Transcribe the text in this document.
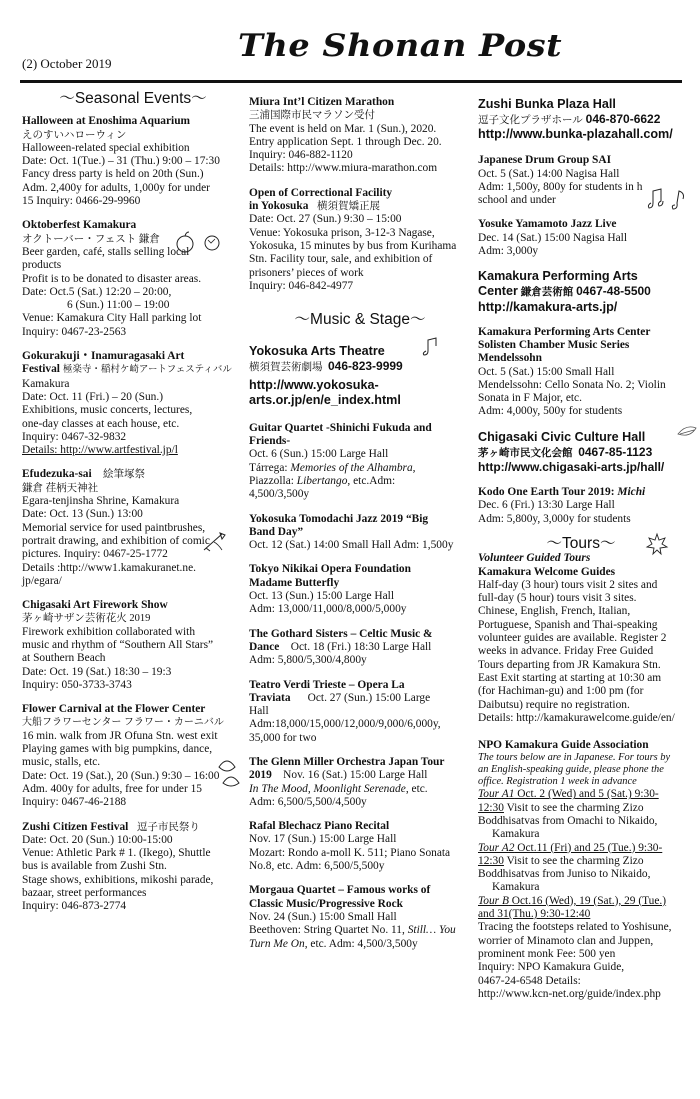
(2) October 2019	The Shonan Post
～Seasonal Events～
Halloween at Enoshima Aquarium
えのすいハローウィン
Halloween-related special exhibition
Date: Oct. 1(Tue.) – 31 (Thu.) 9:00 – 17:30
Fancy dress party is held on 20th (Sun.)
Adm. 2,400y for adults, 1,000y for under
15 Inquiry: 0466-29-9960
Oktoberfest Kamakura
オクトーバー・フェスト 鎌倉
Beer garden, café, stalls selling local
products
Profit is to be donated to disaster areas.
Date: Oct.5 (Sat.) 12:20 – 20:00,
6 (Sun.) 11:00 – 19:00
Venue: Kamakura City Hall parking lot
Inquiry: 0467-23-2563
Gokurakuji・Inamuragasaki Art
Festival 極楽寺・稲村ケ崎アートフェスティバル
Kamakura
Date: Oct. 11 (Fri.) – 20 (Sun.)
Exhibitions, music concerts, lectures,
one-day classes at each house, etc.
Inquiry: 0467-32-9832
Details: http://www.artfestival.jp/l
Efudezuka-sai 絵筆塚祭
鎌倉 荏柄天神社
Egara-tenjinsha Shrine, Kamakura
Date: Oct. 13 (Sun.) 13:00
Memorial service for used paintbrushes,
portrait drawing, and exhibition of comic
pictures. Inquiry: 0467-25-1772
Details :http://www1.kamakuranet.ne.
jp/egara/
Chigasaki Art Firework Show
茅ヶ崎サザン芸術花火 2019
Firework exhibition collaborated with
music and rhythm of “Southern All Stars”
at Southern Beach
Date: Oct. 19 (Sat.) 18:30 – 19:3
Inquiry: 050-3733-3743
Flower Carnival at the Flower Center
大船フラワーセンター フラワー・カーニバル
16 min. walk from JR Ofuna Stn. west exit
Playing games with big pumpkins, dance,
music, stalls, etc.
Date: Oct. 19 (Sat.), 20 (Sun.) 9:30 – 16:00
Adm. 400y for adults, free for under 15
Inquiry: 0467-46-2188
Zushi Citizen Festival 逗子市民祭り
Date: Oct. 20 (Sun.) 10:00-15:00
Venue: Athletic Park # 1. (Ikego), Shuttle
bus is available from Zushi Stn.
Stage shows, exhibitions, mikoshi parade,
bazaar, street performances
Inquiry: 046-873-2774
Miura Int’l Citizen Marathon
三浦国際市民マラソン受付
The event is held on Mar. 1 (Sun.), 2020.
Entry application Sept. 1 through Dec. 20.
Inquiry: 046-882-1120
Details: http://www.miura-marathon.com
Open of Correctional Facility
in Yokosuka 横須賀矯正展
Date: Oct. 27 (Sun.) 9:30 – 15:00
Venue: Yokosuka prison, 3-12-3 Nagase,
Yokosuka, 15 minutes by bus from Kurihama
Stn. Facility tour, sale, and exhibition of
prisoners’ pieces of work
Inquiry: 046-842-4977
～Music & Stage～
Yokosuka Arts Theatre
横須賀芸術劇場 046-823-9999
http://www.yokosuka-
arts.or.jp/en/e_index.html
Guitar Quartet -Shinichi Fukuda and
Friends-
Oct. 6 (Sun.) 15:00 Large Hall
Tárrega: Memories of the Alhambra,
Piazzolla: Libertango, etc.Adm:
4,500/3,500y
Yokosuka Tomodachi Jazz 2019 “Big
Band Day”
Oct. 12 (Sat.) 14:00 Small Hall Adm: 1,500y
Tokyo Nikikai Opera Foundation
Madame Butterfly
Oct. 13 (Sun.) 15:00 Large Hall
Adm: 13,000/11,000/8,000/5,000y
The Gothard Sisters – Celtic Music &
Dance Oct. 18 (Fri.) 18:30 Large Hall
Adm: 5,800/5,300/4,800y
Teatro Verdi Trieste – Opera La
Traviata Oct. 27 (Sun.) 15:00 Large
Hall
Adm:18,000/15,000/12,000/9,000/6,000y,
35,000 for two
The Glenn Miller Orchestra Japan Tour
2019 Nov. 16 (Sat.) 15:00 Large Hall
In The Mood, Moonlight Serenade, etc.
Adm: 6,500/5,500/4,500y
Rafal Blechacz Piano Recital
Nov. 17 (Sun.) 15:00 Large Hall
Mozart: Rondo a-moll K. 511; Piano Sonata
No.8, etc. Adm: 6,500/5,500y
Morgaua Quartet – Famous works of
Classic Music/Progressive Rock
Nov. 24 (Sun.) 15:00 Small Hall
Beethoven: String Quartet No. 11, Still… You
Turn Me On, etc. Adm: 4,500/3,500y
Zushi Bunka Plaza Hall
逗子文化プラザホール 046-870-6622
http://www.bunka-plazahall.com/
Japanese Drum Group SAI
Oct. 5 (Sat.) 14:00 Nagisa Hall
Adm: 1,500y, 800y for students in h
school and under
Yosuke Yamamoto Jazz Live
Dec. 14 (Sat.) 15:00 Nagisa Hall
Adm: 3,000y
Kamakura Performing Arts
Center 鎌倉芸術館 0467-48-5500
http://kamakura-arts.jp/
Kamakura Performing Arts Center
Solisten Chamber Music Series
Mendelssohn
Oct. 5 (Sat.) 15:00 Small Hall
Mendelssohn: Cello Sonata No. 2; Violin
Sonata in F Major, etc.
Adm: 4,000y, 500y for students
Chigasaki Civic Culture Hall
茅ヶ崎市民文化会館 0467-85-1123
http://www.chigasaki-arts.jp/hall/
Kodo One Earth Tour 2019: Michi
Dec. 6 (Fri.) 13:30 Large Hall
Adm: 5,800y, 3,000y for students
～Tours～
Volunteer Guided Tours
Kamakura Welcome Guides
Half-day (3 hour) tours visit 2 sites and
full-day (5 hour) tours visit 3 sites.
Chinese, English, French, Italian,
Portuguese, Spanish and Thai-speaking
volunteer guides are available. Register 2
weeks in advance. Friday Free Guided
Tours departing from JR Kamakura Stn.
East Exit starting at starting at 10:30 am
(for Hachiman-gu) and 1:00 pm (for
Daibutsu) require no registration.
Details: http://kamakurawelcome.guide/en/
NPO Kamakura Guide Association
The tours below are in Japanese. For tours by
an English-speaking guide, please phone the
office. Registration 1 week in advance
Tour A1 Oct. 2 (Wed) and 5 (Sat.) 9:30-
12:30 Visit to see the charming Zizo
Boddhisatvas from Omachi to Nikaido,
Kamakura
Tour A2 Oct.11 (Fri) and 25 (Tue.) 9:30-
12:30 Visit to see the charming Zizo
Boddhisatvas from Juniso to Nikaido,
Kamakura
Tour B Oct.16 (Wed), 19 (Sat.), 29 (Tue.)
and 31(Thu.) 9:30-12:40
Tracing the footsteps related to Yoshisune,
worrier of Minamoto clan and Juppen,
prominent monk Fee: 500 yen
Inquiry: NPO Kamakura Guide,
0467-24-6548 Details:
http://www.kcn-net.org/guide/index.php
